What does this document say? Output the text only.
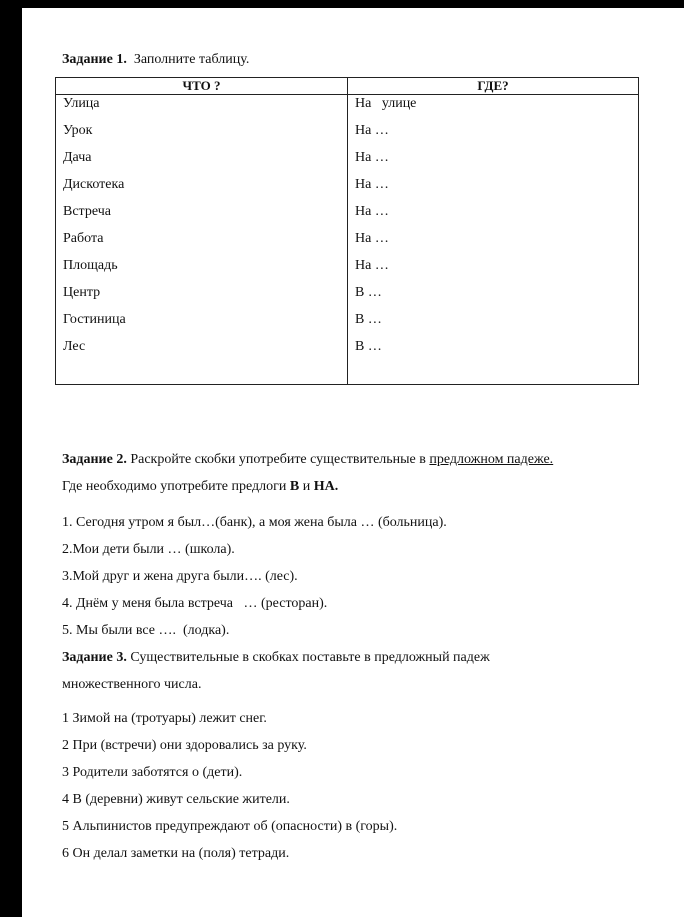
Задание 1. Заполните таблицу.
ЧТО ?	ГДЕ?
Улица	На   улице
Урок	На …
Дача	На …
Дискотека	На …
Встреча	На …
Работа	На …
Площадь	На …
Центр	В …
Гостиница	В …
Лес	В …
Задание 2. Раскройте скобки употребите существительные в предложном падеже.
Где необходимо употребите предлоги В и НА.
1. Сегодня утром я был…(банк), а моя жена была … (больница).
2.Мои дети были … (школа).
3.Мой друг и жена друга были…. (лес).
4. Днём у меня была встреча   … (ресторан).
5. Мы были все ….  (лодка).
Задание 3. Существительные в скобках поставьте в предложный падеж
множественного числа.
1 Зимой на (тротуары) лежит снег.
2 При (встречи) они здоровались за руку.
3 Родители заботятся о (дети).
4 В (деревни) живут сельские жители.
5 Альпинистов предупреждают об (опасности) в (горы).
6 Он делал заметки на (поля) тетради.
